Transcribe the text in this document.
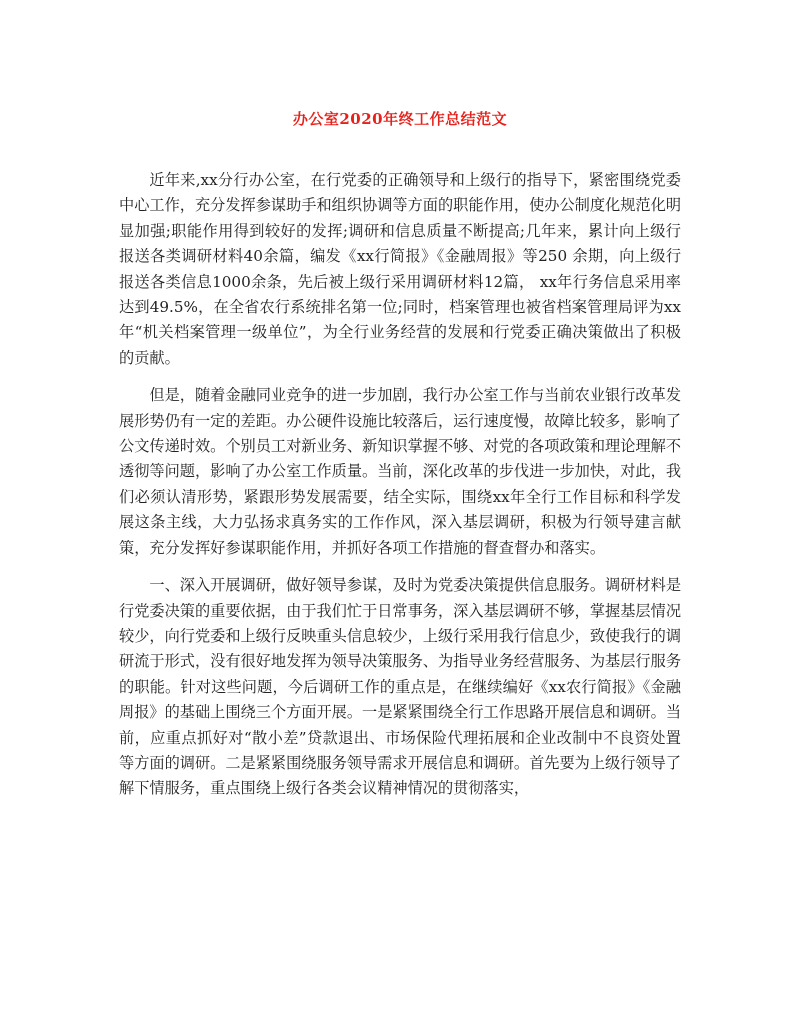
办公室2020年终工作总结范文

近年来,xx分行办公室，在行党委的正确领导和上级行的指导下，紧密围绕党委中心工作，充分发挥参谋助手和组织协调等方面的职能作用，使办公制度化规范化明显加强;职能作用得到较好的发挥;调研和信息质量不断提高;几年来，累计向上级行报送各类调研材料40余篇，编发《xx行简报》《金融周报》等250 余期，向上级行报送各类信息1000余条，先后被上级行采用调研材料12篇， xx年行务信息采用率达到49.5%，在全省农行系统排名第一位;同时，档案管理也被省档案管理局评为xx年“机关档案管理一级单位”，为全行业务经营的发展和行党委正确决策做出了积极的贡献。

但是，随着金融同业竞争的进一步加剧，我行办公室工作与当前农业银行改革发展形势仍有一定的差距。办公硬件设施比较落后，运行速度慢，故障比较多，影响了公文传递时效。个别员工对新业务、新知识掌握不够、对党的各项政策和理论理解不透彻等问题，影响了办公室工作质量。当前，深化改革的步伐进一步加快，对此，我们必须认清形势，紧跟形势发展需要，结全实际，围绕xx年全行工作目标和科学发展这条主线，大力弘扬求真务实的工作作风，深入基层调研，积极为行领导建言献策，充分发挥好参谋职能作用，并抓好各项工作措施的督查督办和落实。

一、深入开展调研，做好领导参谋，及时为党委决策提供信息服务。调研材料是行党委决策的重要依据，由于我们忙于日常事务，深入基层调研不够，掌握基层情况较少，向行党委和上级行反映重头信息较少，上级行采用我行信息少，致使我行的调研流于形式，没有很好地发挥为领导决策服务、为指导业务经营服务、为基层行服务的职能。针对这些问题，今后调研工作的重点是，在继续编好《xx农行简报》《金融周报》的基础上围绕三个方面开展。一是紧紧围绕全行工作思路开展信息和调研。当前，应重点抓好对“散小差”贷款退出、市场保险代理拓展和企业改制中不良资处置等方面的调研。二是紧紧围绕服务领导需求开展信息和调研。首先要为上级行领导了解下情服务，重点围绕上级行各类会议精神情况的贯彻落实，
